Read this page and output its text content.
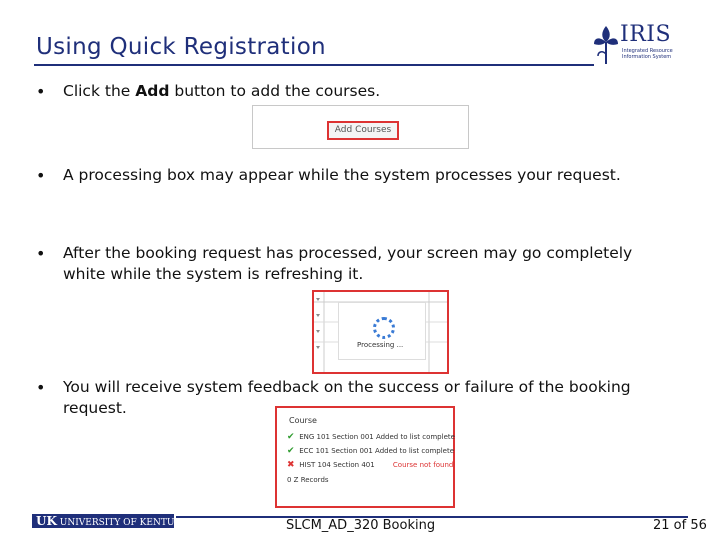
Using Quick Registration	IRIS
Integrated Resource Information System
• Click the Add button to add the courses.
Add Courses
• A processing box may appear while the system processes your request.
• After the booking request has processed, your screen may go completely white while the system is refreshing it.
Processing ...
• You will receive system feedback on the success or failure of the booking request.
Course
✔ ENG 101 Section 001 Added to list complete
✔ ECC 101 Section 001 Added to list complete
✖ HIST 104 Section 401	Course not found
0 Z Records
UK UNIVERSITY OF KENTUCKY	SLCM_AD_320 Booking	21 of 56
